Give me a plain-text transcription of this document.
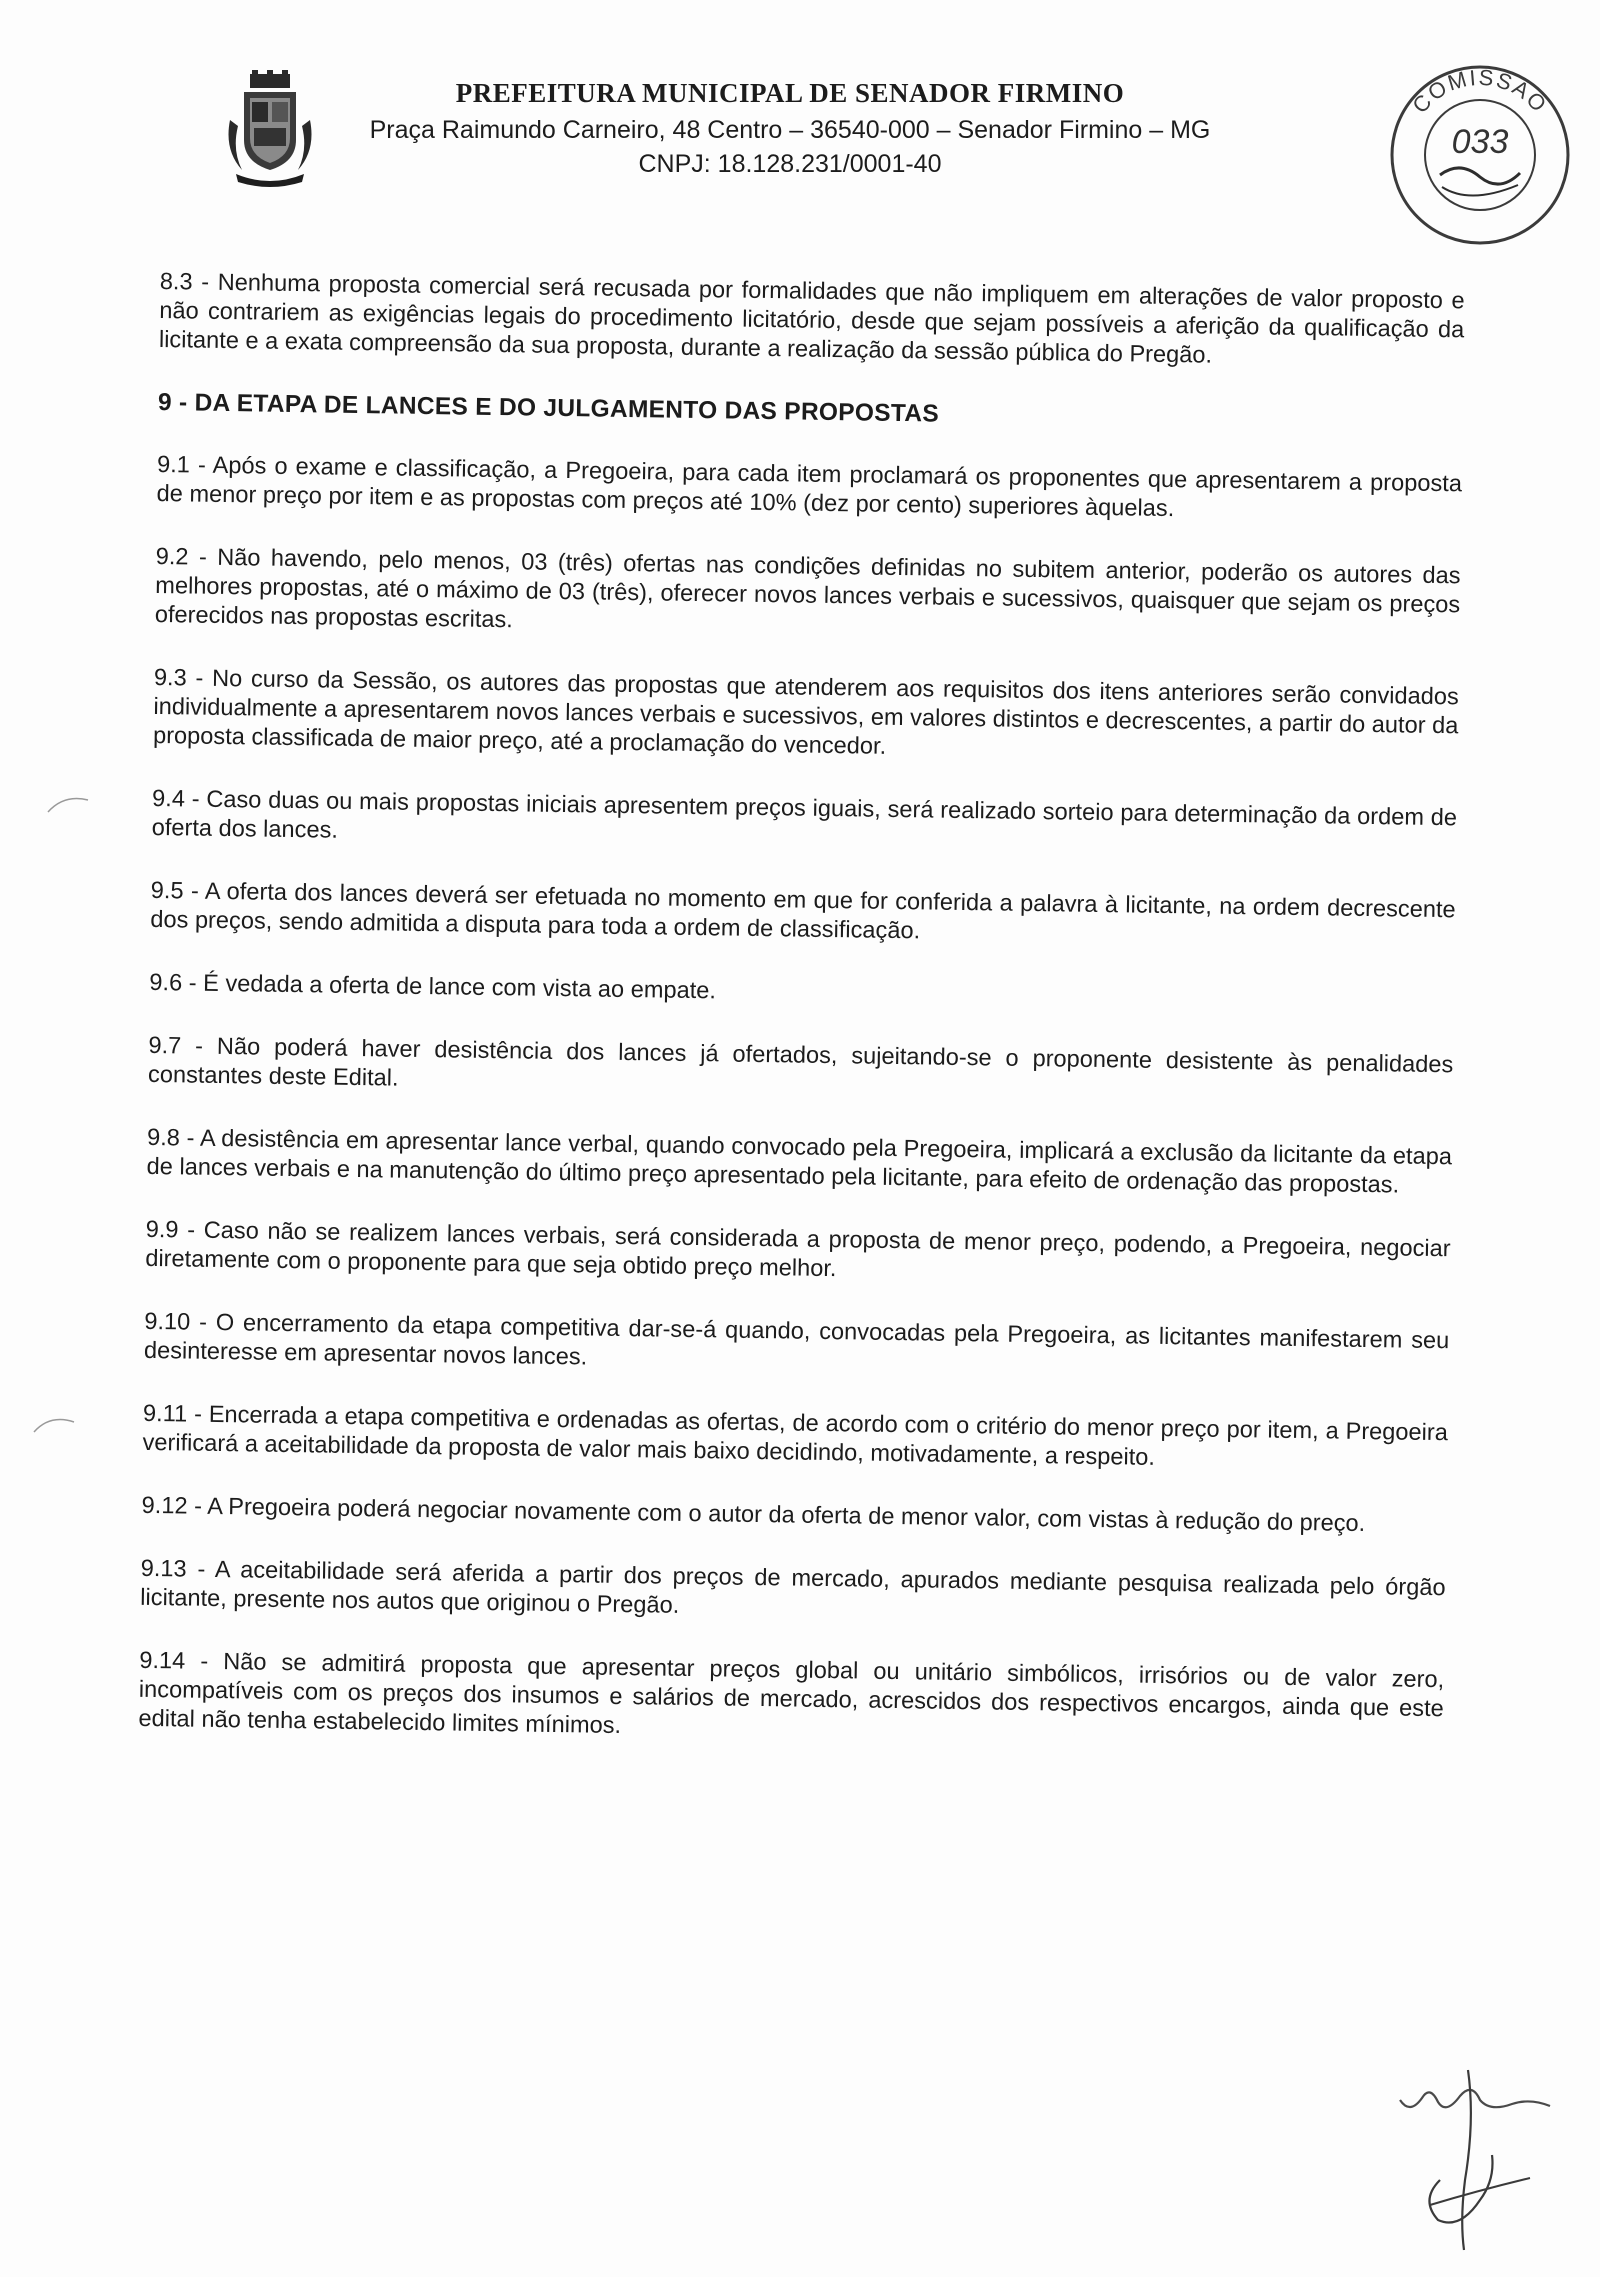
PREFEITURA MUNICIPAL DE SENADOR FIRMINO
Praça Raimundo Carneiro, 48 Centro – 36540-000 – Senador Firmino – MG
CNPJ: 18.128.231/0001-40
COMISSÃO
033

8.3 - Nenhuma proposta comercial será recusada por formalidades que não impliquem em alterações de valor proposto e não contrariem as exigências legais do procedimento licitatório, desde que sejam possíveis a aferição da qualificação da licitante e a exata compreensão da sua proposta, durante a realização da sessão pública do Pregão.

9 - DA ETAPA DE LANCES E DO JULGAMENTO DAS PROPOSTAS

9.1 - Após o exame e classificação, a Pregoeira, para cada item proclamará os proponentes que apresentarem a proposta de menor preço por item e as propostas com preços até 10% (dez por cento) superiores àquelas.

9.2 - Não havendo, pelo menos, 03 (três) ofertas nas condições definidas no subitem anterior, poderão os autores das melhores propostas, até o máximo de 03 (três), oferecer novos lances verbais e sucessivos, quaisquer que sejam os preços oferecidos nas propostas escritas.

9.3 - No curso da Sessão, os autores das propostas que atenderem aos requisitos dos itens anteriores serão convidados individualmente a apresentarem novos lances verbais e sucessivos, em valores distintos e decrescentes, a partir do autor da proposta classificada de maior preço, até a proclamação do vencedor.

9.4 - Caso duas ou mais propostas iniciais apresentem preços iguais, será realizado sorteio para determinação da ordem de oferta dos lances.

9.5 - A oferta dos lances deverá ser efetuada no momento em que for conferida a palavra à licitante, na ordem decrescente dos preços, sendo admitida a disputa para toda a ordem de classificação.

9.6 - É vedada a oferta de lance com vista ao empate.

9.7 - Não poderá haver desistência dos lances já ofertados, sujeitando-se o proponente desistente às penalidades constantes deste Edital.

9.8 - A desistência em apresentar lance verbal, quando convocado pela Pregoeira, implicará a exclusão da licitante da etapa de lances verbais e na manutenção do último preço apresentado pela licitante, para efeito de ordenação das propostas.

9.9 - Caso não se realizem lances verbais, será considerada a proposta de menor preço, podendo, a Pregoeira, negociar diretamente com o proponente para que seja obtido preço melhor.

9.10 - O encerramento da etapa competitiva dar-se-á quando, convocadas pela Pregoeira, as licitantes manifestarem seu desinteresse em apresentar novos lances.

9.11 - Encerrada a etapa competitiva e ordenadas as ofertas, de acordo com o critério do menor preço por item, a Pregoeira verificará a aceitabilidade da proposta de valor mais baixo decidindo, motivadamente, a respeito.

9.12 - A Pregoeira poderá negociar novamente com o autor da oferta de menor valor, com vistas à redução do preço.

9.13 - A aceitabilidade será aferida a partir dos preços de mercado, apurados mediante pesquisa realizada pelo órgão licitante, presente nos autos que originou o Pregão.

9.14 - Não se admitirá proposta que apresentar preços global ou unitário simbólicos, irrisórios ou de valor zero, incompatíveis com os preços dos insumos e salários de mercado, acrescidos dos respectivos encargos, ainda que este edital não tenha estabelecido limites mínimos.
